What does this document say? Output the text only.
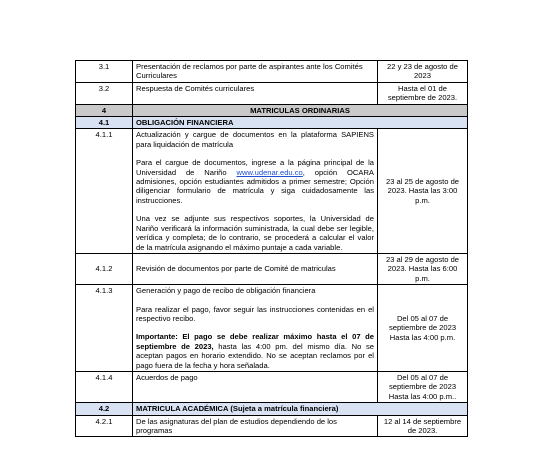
3.1	Presentación de reclamos por parte de aspirantes ante los Comités Curriculares	22 y 23 de agosto de 2023
3.2	Respuesta de Comités curriculares	Hasta el 01 de septiembre de 2023.
4	MATRICULAS ORDINARIAS	
4.1	OBLIGACIÓN FINANCIERA	
4.1.1	Actualización y cargue de documentos en la plataforma SAPIENS para liquidación de matrícula

Para el cargue de documentos, ingrese a la página principal de la Universidad de Nariño www.udenar.edu.co, opción OCARA admisiones, opción estudiantes admitidos a primer semestre; Opción diligenciar formulario de matrícula y siga cuidadosamente las instrucciones.

Una vez se adjunte sus respectivos soportes, la Universidad de Nariño verificará la información suministrada, la cual debe ser legible, verídica y completa; de lo contrario, se procederá a calcular el valor de la matrícula asignando el máximo puntaje a cada variable.	23 al 25 de agosto de 2023. Hasta las 3:00 p.m.
4.1.2	Revisión de documentos por parte de Comité de matriculas	23 al 29 de agosto de 2023. Hasta las 6:00 p.m.
4.1.3	Generación y pago de recibo de obligación financiera

Para realizar el pago, favor seguir las instrucciones contenidas en el respectivo recibo.

Importante: El pago se debe realizar máximo hasta el 07 de septiembre de 2023, hasta las 4:00 pm. del mismo día. No se aceptan pagos en horario extendido. No se aceptan reclamos por el pago fuera de la fecha y hora señalada.	Del 05 al 07 de septiembre de 2023 Hasta las 4:00 p.m.
4.1.4	Acuerdos de pago	Del 05 al 07 de septiembre de 2023 Hasta las 4:00 p.m..
4.2	MATRICULA ACADÉMICA (Sujeta a matrícula financiera)	
4.2.1	De las asignaturas del plan de estudios dependiendo de los programas	12 al 14 de septiembre de 2023.
